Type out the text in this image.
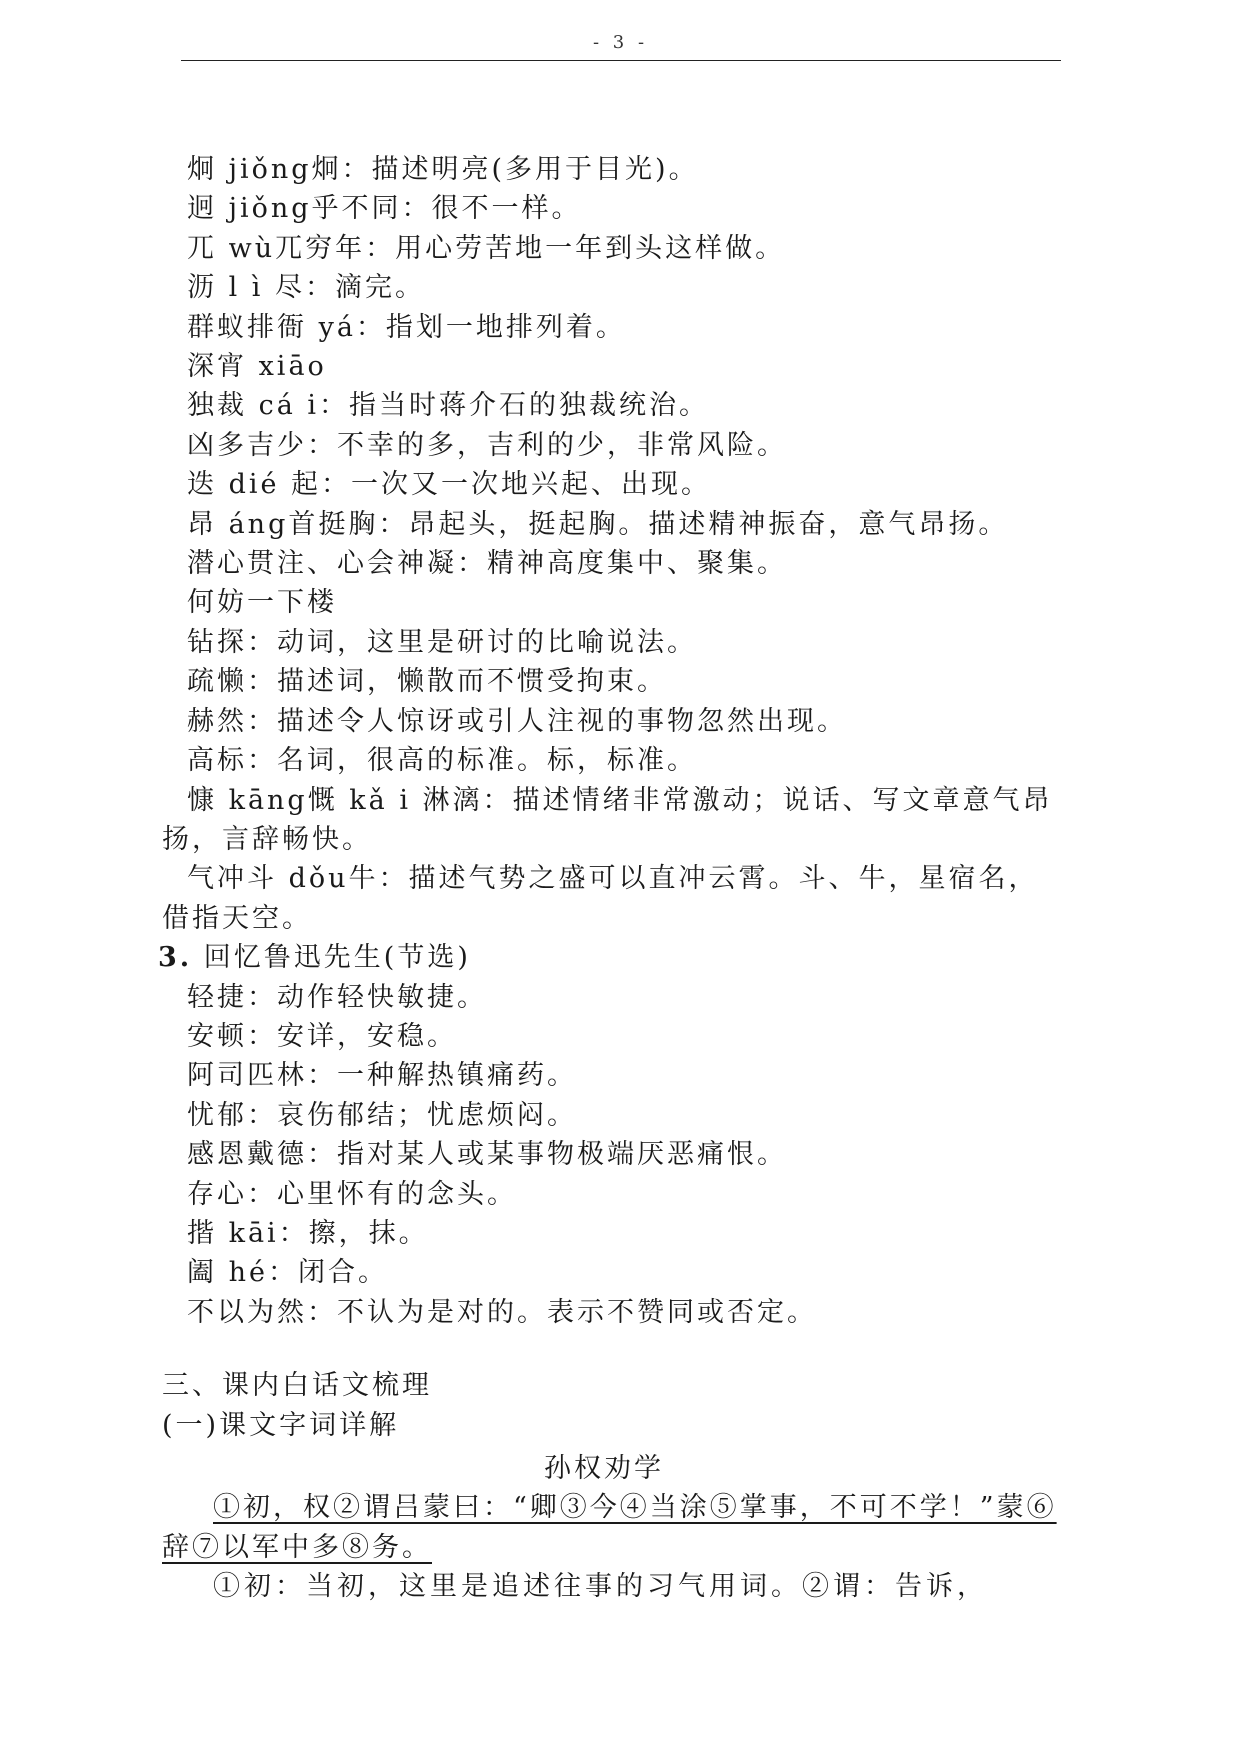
- 3 -
炯 jiǒng炯：描述明亮(多用于目光)。
迥 jiǒng乎不同：很不一样。
兀 wù兀穷年：用心劳苦地一年到头这样做。
沥 l ì 尽：滴完。
群蚁排衙 yá：指划一地排列着。
深宵 xiāo
独裁 cá i：指当时蒋介石的独裁统治。
凶多吉少：不幸的多，吉利的少，非常风险。
迭 dié 起：一次又一次地兴起、出现。
昂 áng首挺胸：昂起头，挺起胸。描述精神振奋，意气昂扬。
潜心贯注、心会神凝：精神高度集中、聚集。
何妨一下楼
钻探：动词，这里是研讨的比喻说法。
疏懒：描述词，懒散而不惯受拘束。
赫然：描述令人惊讶或引人注视的事物忽然出现。
高标：名词，很高的标准。标，标准。
慷 kāng慨 kǎ i 淋漓：描述情绪非常激动；说话、写文章意气昂
扬，言辞畅快。
气冲斗 dǒu牛：描述气势之盛可以直冲云霄。斗、牛，星宿名，
借指天空。
3. 回忆鲁迅先生(节选)
轻捷：动作轻快敏捷。
安顿：安详，安稳。
阿司匹林：一种解热镇痛药。
忧郁：哀伤郁结；忧虑烦闷。
感恩戴德：指对某人或某事物极端厌恶痛恨。
存心：心里怀有的念头。
揩 kāi：擦，抹。
阖 hé：闭合。
不以为然：不认为是对的。表示不赞同或否定。
三、课内白话文梳理
(一)课文字词详解
孙权劝学
①初，权②谓吕蒙曰：“卿③今④当涂⑤掌事，不可不学！”蒙⑥
辞⑦以军中多⑧务。
①初：当初，这里是追述往事的习气用词。②谓：告诉，
